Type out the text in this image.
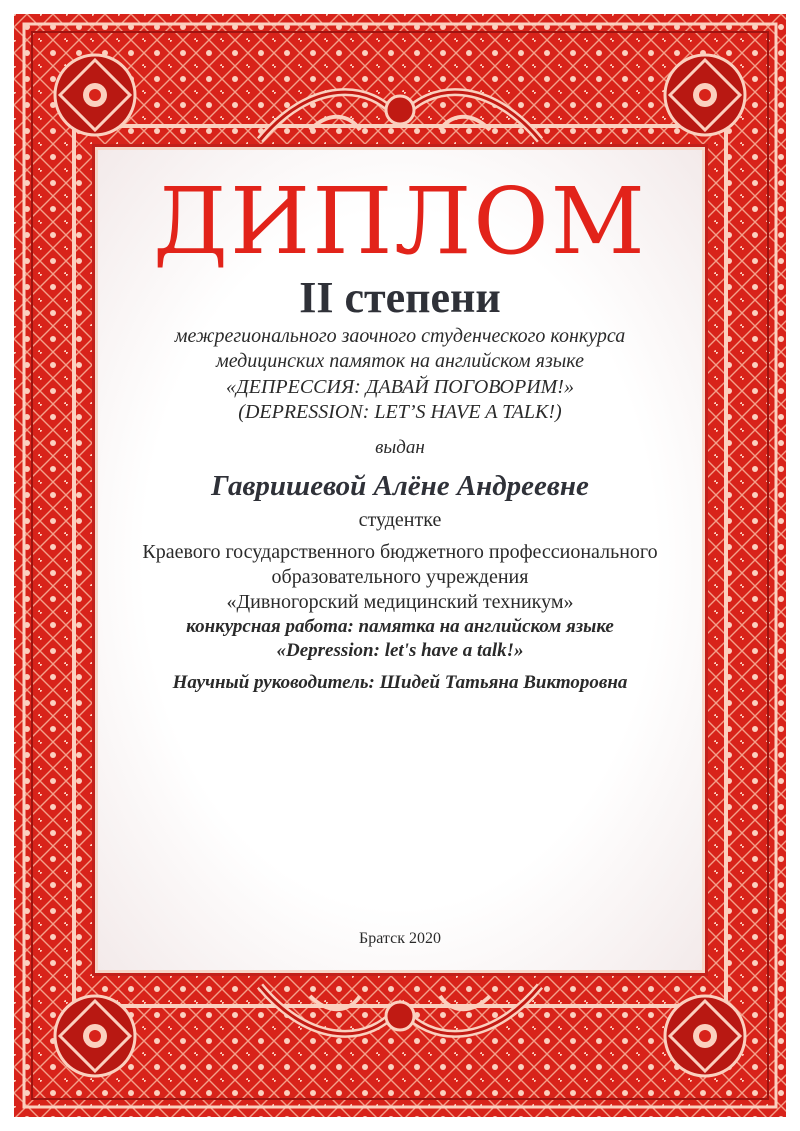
ДИПЛОМ
II степени
межрегионального заочного студенческого конкурса
медицинских памяток на английском языке
«ДЕПРЕССИЯ: ДАВАЙ ПОГОВОРИМ!»
(DEPRESSION: LET’S HAVE A TALK!)
выдан
Гавришевой Алёне Андреевне
студентке
Краевого государственного бюджетного профессионального
образовательного учреждения
«Дивногорский медицинский техникум»
конкурсная работа: памятка на английском языке
«Depression: let's have a talk!»
Научный руководитель: Шидей Татьяна Викторовна
Братск 2020
